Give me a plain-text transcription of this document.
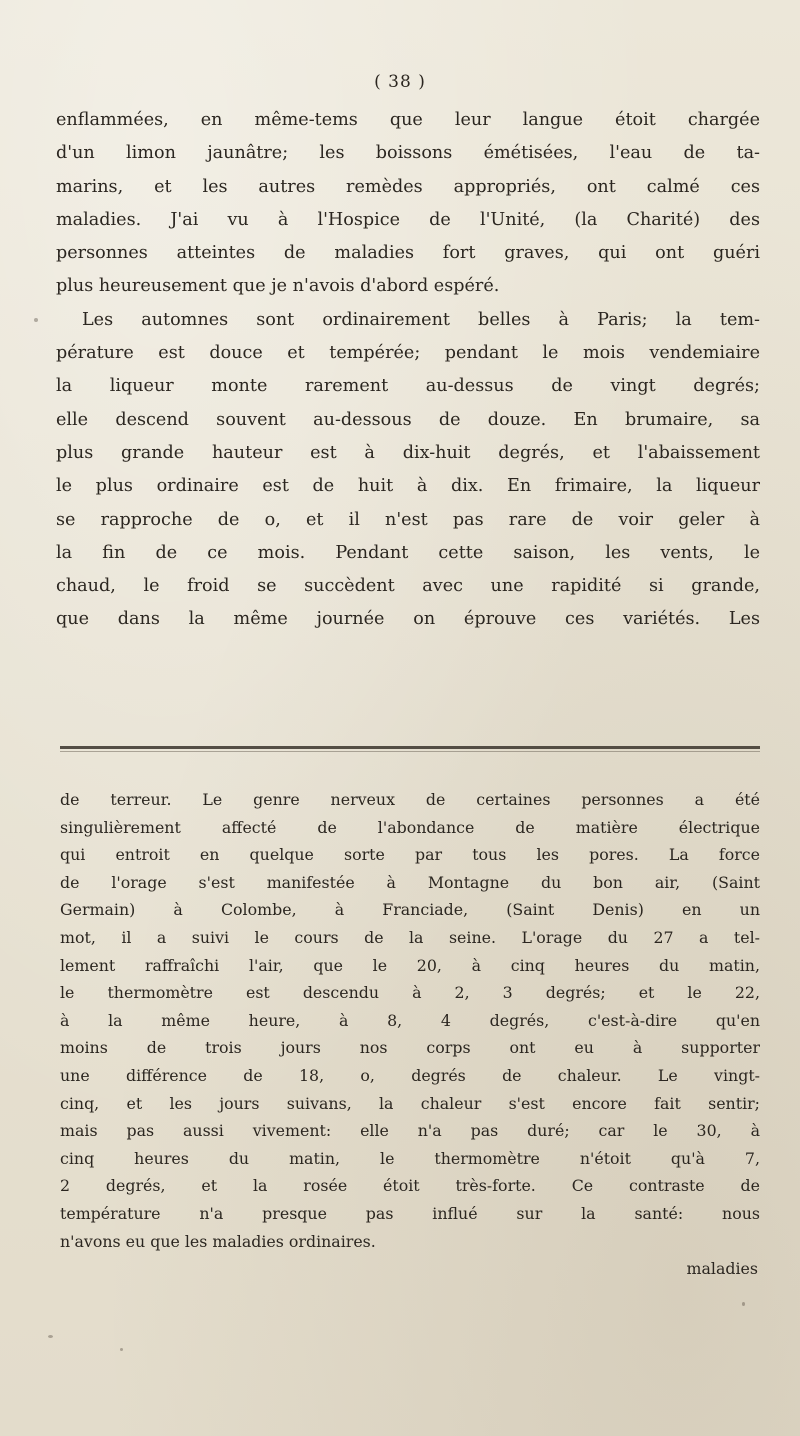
( 38 )
enflammées, en même-tems que leur langue étoit chargée
d'un limon jaunâtre; les boissons émétisées, l'eau de ta-
marins, et les autres remèdes appropriés, ont calmé ces
maladies. J'ai vu à l'Hospice de l'Unité, (la Charité) des
personnes atteintes de maladies fort graves, qui ont guéri
plus heureusement que je n'avois d'abord espéré.
Les automnes sont ordinairement belles à Paris; la tem-
pérature est douce et tempérée; pendant le mois vendemiaire
la liqueur monte rarement au-dessus de vingt degrés;
elle descend souvent au-dessous de douze. En brumaire, sa
plus grande hauteur est à dix-huit degrés, et l'abaissement
le plus ordinaire est de huit à dix. En frimaire, la liqueur
se rapproche de o, et il n'est pas rare de voir geler à
la fin de ce mois. Pendant cette saison, les vents, le
chaud, le froid se succèdent avec une rapidité si grande,
que dans la même journée on éprouve ces variétés. Les
de terreur. Le genre nerveux de certaines personnes a été
singulièrement affecté de l'abondance de matière électrique
qui entroit en quelque sorte par tous les pores. La force
de l'orage s'est manifestée à Montagne du bon air, (Saint
Germain) à Colombe, à Franciade, (Saint Denis) en un
mot, il a suivi le cours de la seine. L'orage du 27 a tel-
lement raffraîchi l'air, que le 20, à cinq heures du matin,
le thermomètre est descendu à 2, 3 degrés; et le 22,
à la même heure, à 8, 4 degrés, c'est-à-dire qu'en
moins de trois jours nos corps ont eu à supporter
une différence de 18, o, degrés de chaleur. Le vingt-
cinq, et les jours suivans, la chaleur s'est encore fait sentir;
mais pas aussi vivement: elle n'a pas duré; car le 30, à
cinq heures du matin, le thermomètre n'étoit qu'à 7,
2 degrés, et la rosée étoit très-forte. Ce contraste de
température n'a presque pas influé sur la santé: nous
n'avons eu que les maladies ordinaires.
maladies
